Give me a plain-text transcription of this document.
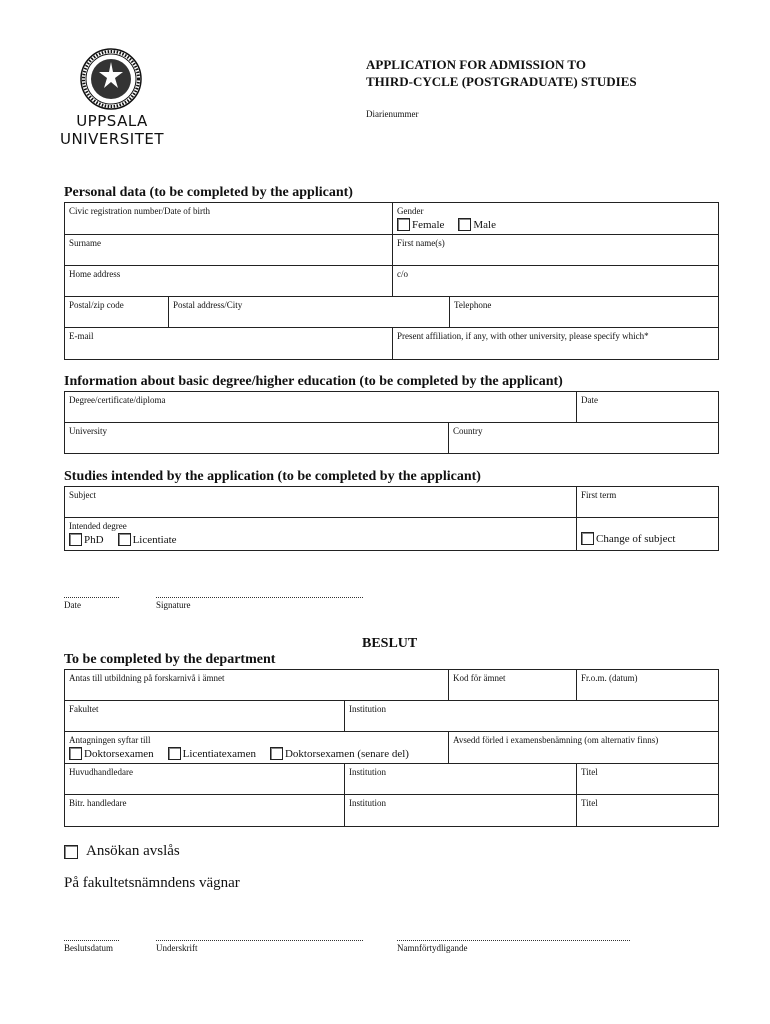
UPPSALA
UNIVERSITET
APPLICATION FOR ADMISSION TO
THIRD-CYCLE (POSTGRADUATE) STUDIES
Diarienummer
Personal data (to be completed by the applicant)
Civic registration number/Date of birth		Gender
Female Male	

Surname		First name(s)	
Home address		c/o	
Postal/zip code	Postal address/City		Telephone
E-mail		Present affiliation, if any, with other university, please specify which*	
Information about basic degree/higher education (to be completed by the applicant)
Degree/certificate/diploma		Date
University	Country	
Studies intended by the application (to be completed by the applicant)
Subject	First term
Intended degree
PhD Licentiate	Change of subject
Date	Signature
BESLUT
To be completed by the department
Antas till utbildning på forskarnivå i ämnet		Kod för ämnet	Fr.o.m. (datum)
Fakultet	Institution		
Antagningen syftar till
Doktorsexamen Licentiatexamen Doktorsexamen (senare del)		Avsedd förled i examensbenämning (om alternativ finns)	
Huvudhandledare	Institution		Titel
Bitr. handledare	Institution		Titel
Ansökan avslås
På fakultetsnämndens vägnar
Beslutsdatum	Underskrift	Namnförtydligande
